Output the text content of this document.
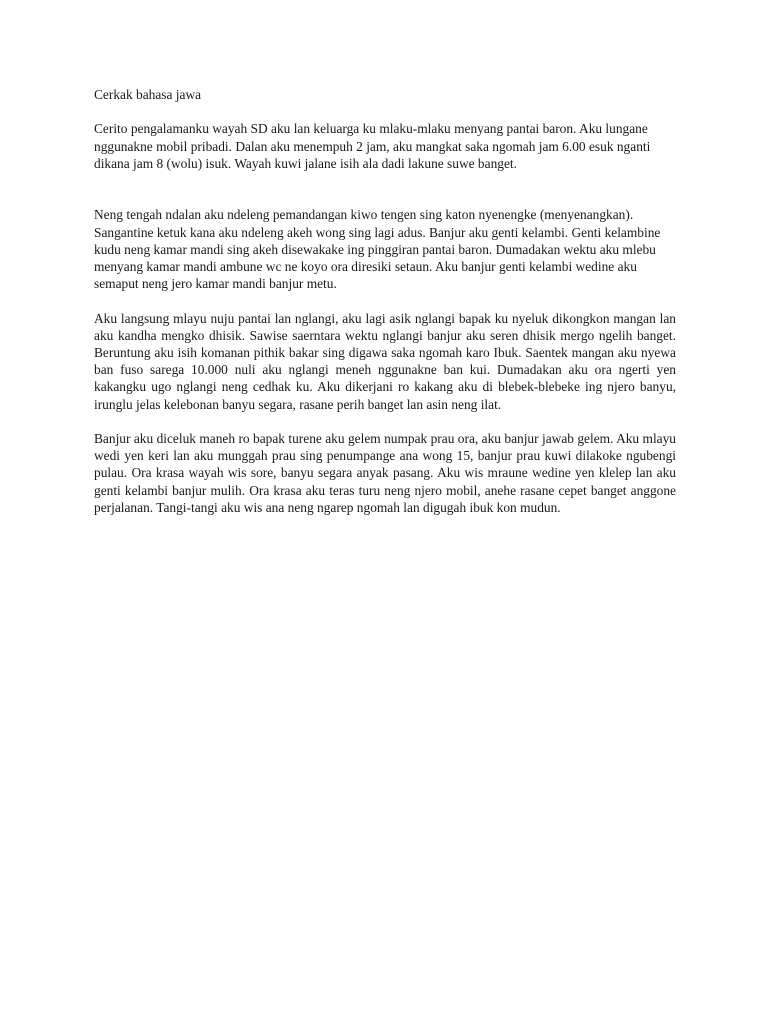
Cerkak bahasa jawa

Cerito pengalamanku wayah SD aku lan keluarga ku mlaku-mlaku menyang pantai baron. Aku lungane nggunakne mobil pribadi. Dalan aku menempuh 2 jam, aku mangkat saka ngomah jam 6.00 esuk nganti dikana jam 8 (wolu) isuk. Wayah kuwi jalane isih ala dadi lakune suwe banget.

Neng tengah ndalan aku ndeleng pemandangan kiwo tengen sing katon nyenengke (menyenangkan). Sangantine ketuk kana aku ndeleng akeh wong sing lagi adus. Banjur aku genti kelambi. Genti kelambine kudu neng kamar mandi sing akeh disewakake ing pinggiran pantai baron. Dumadakan wektu aku mlebu menyang kamar mandi ambune wc ne koyo ora diresiki setaun. Aku banjur genti kelambi wedine aku semaput neng jero kamar mandi banjur metu.

Aku langsung mlayu nuju pantai lan nglangi, aku lagi asik nglangi bapak ku nyeluk dikongkon mangan lan aku kandha mengko dhisik. Sawise saerntara wektu nglangi banjur aku seren dhisik mergo ngelih banget. Beruntung aku isih komanan pithik bakar sing digawa saka ngomah karo Ibuk. Saentek mangan aku nyewa ban fuso sarega 10.000 nuli aku nglangi meneh nggunakne ban kui. Dumadakan aku ora ngerti yen kakangku ugo nglangi neng cedhak ku. Aku dikerjani ro kakang aku di blebek-blebeke ing njero banyu, irunglu jelas kelebonan banyu segara, rasane perih banget lan asin neng ilat.

Banjur aku diceluk maneh ro bapak turene aku gelem numpak prau ora, aku banjur jawab gelem. Aku mlayu wedi yen keri lan aku munggah prau sing penumpange ana wong 15, banjur prau kuwi dilakoke ngubengi pulau. Ora krasa wayah wis sore, banyu segara anyak pasang. Aku wis mraune wedine yen klelep lan aku genti kelambi banjur mulih. Ora krasa aku teras turu neng njero mobil, anehe rasane cepet banget anggone perjalanan. Tangi-tangi aku wis ana neng ngarep ngomah lan digugah ibuk kon mudun.
